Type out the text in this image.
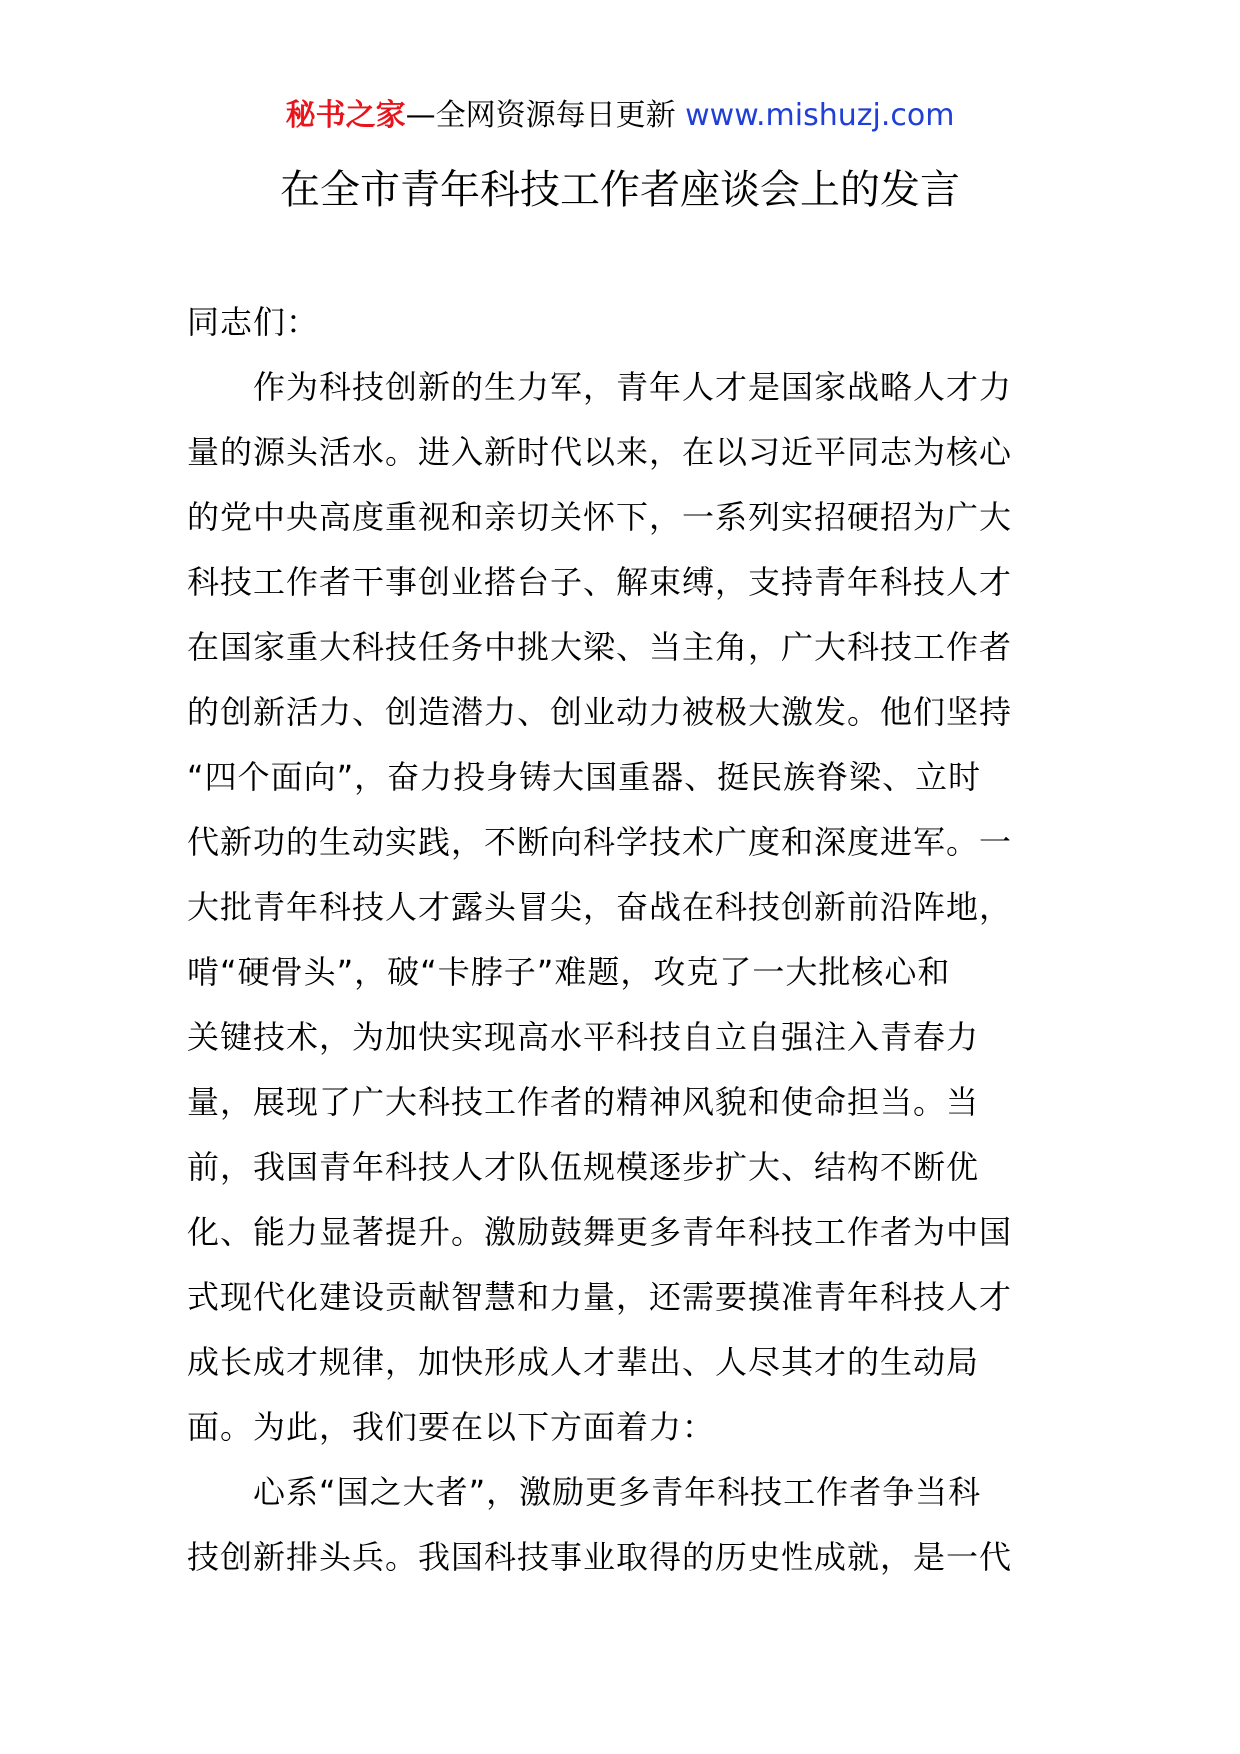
秘书之家—全网资源每日更新 www.mishuzj.com
在全市青年科技工作者座谈会上的发言
同志们：
　　作为科技创新的生力军，青年人才是国家战略人才力
量的源头活水。进入新时代以来，在以习近平同志为核心
的党中央高度重视和亲切关怀下，一系列实招硬招为广大
科技工作者干事创业搭台子、解束缚，支持青年科技人才
在国家重大科技任务中挑大梁、当主角，广大科技工作者
的创新活力、创造潜力、创业动力被极大激发。他们坚持
“四个面向”，奋力投身铸大国重器、挺民族脊梁、立时
代新功的生动实践，不断向科学技术广度和深度进军。一
大批青年科技人才露头冒尖，奋战在科技创新前沿阵地，
啃“硬骨头”，破“卡脖子”难题，攻克了一大批核心和
关键技术，为加快实现高水平科技自立自强注入青春力
量，展现了广大科技工作者的精神风貌和使命担当。当
前，我国青年科技人才队伍规模逐步扩大、结构不断优
化、能力显著提升。激励鼓舞更多青年科技工作者为中国
式现代化建设贡献智慧和力量，还需要摸准青年科技人才
成长成才规律，加快形成人才辈出、人尽其才的生动局
面。为此，我们要在以下方面着力：
　　心系“国之大者”，激励更多青年科技工作者争当科
技创新排头兵。我国科技事业取得的历史性成就，是一代
